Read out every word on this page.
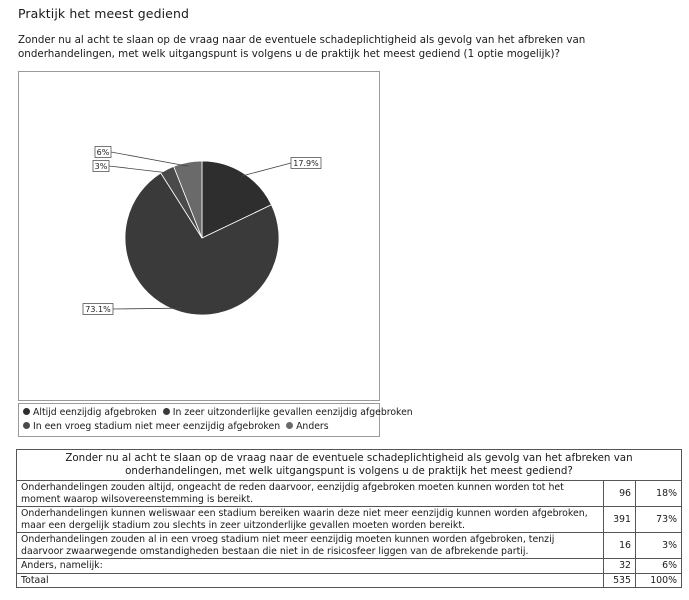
Praktijk het meest gediend
Zonder nu al acht te slaan op de vraag naar de eventuele schadeplichtigheid als gevolg van het afbreken van onderhandelingen, met welk uitgangspunt is volgens u de praktijk het meest gediend (1 optie mogelijk)?
17.9%
73.1%
3%
6%
Altijd eenzijdig afgebroken In zeer uitzonderlijke gevallen eenzijdig afgebroken
In een vroeg stadium niet meer eenzijdig afgebroken Anders
Zonder nu al acht te slaan op de vraag naar de eventuele schadeplichtigheid als gevolg van het afbreken van onderhandelingen, met welk uitgangspunt is volgens u de praktijk het meest gediend?		
Onderhandelingen zouden altijd, ongeacht de reden daarvoor, eenzijdig afgebroken moeten kunnen worden tot het moment waarop wilsovereenstemming is bereikt.	96	18%
Onderhandelingen kunnen weliswaar een stadium bereiken waarin deze niet meer eenzijdig kunnen worden afgebroken, maar een dergelijk stadium zou slechts in zeer uitzonderlijke gevallen moeten worden bereikt.	391	73%
Onderhandelingen zouden al in een vroeg stadium niet meer eenzijdig moeten kunnen worden afgebroken, tenzij daarvoor zwaarwegende omstandigheden bestaan die niet in de risicosfeer liggen van de afbrekende partij.	16	3%
Anders, namelijk:	32	6%
Totaal	535	100%
